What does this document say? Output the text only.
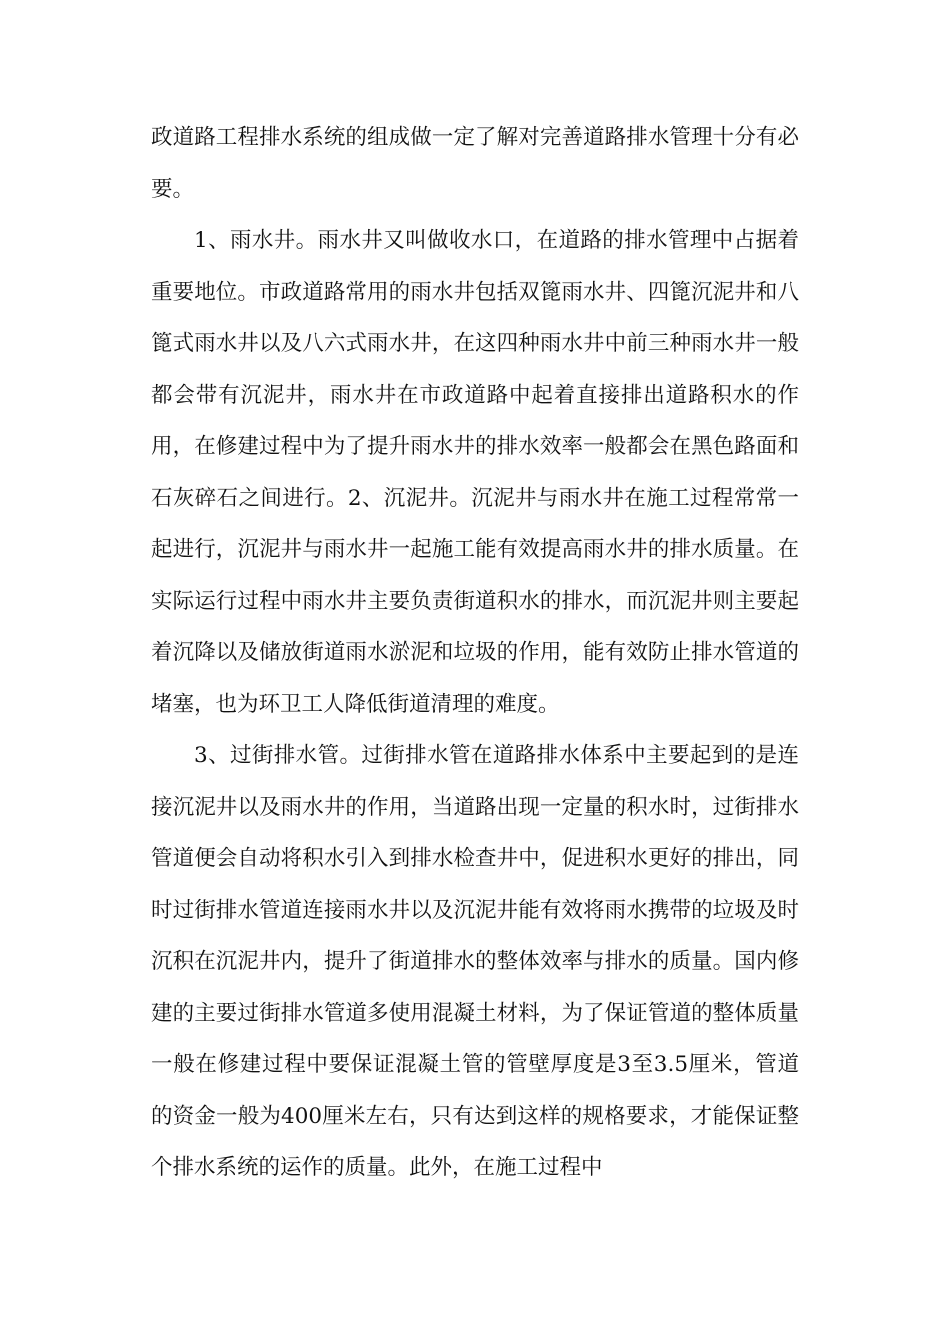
政道路工程排水系统的组成做一定了解对完善道路排水管理十分有必要。

1、雨水井。雨水井又叫做收水口，在道路的排水管理中占据着重要地位。市政道路常用的雨水井包括双篦雨水井、四篦沉泥井和八篦式雨水井以及八六式雨水井，在这四种雨水井中前三种雨水井一般都会带有沉泥井，雨水井在市政道路中起着直接排出道路积水的作用，在修建过程中为了提升雨水井的排水效率一般都会在黑色路面和石灰碎石之间进行。2、沉泥井。沉泥井与雨水井在施工过程常常一起进行，沉泥井与雨水井一起施工能有效提高雨水井的排水质量。在实际运行过程中雨水井主要负责街道积水的排水，而沉泥井则主要起着沉降以及储放街道雨水淤泥和垃圾的作用，能有效防止排水管道的堵塞，也为环卫工人降低街道清理的难度。

3、过街排水管。过街排水管在道路排水体系中主要起到的是连接沉泥井以及雨水井的作用，当道路出现一定量的积水时，过街排水管道便会自动将积水引入到排水检查井中，促进积水更好的排出，同时过街排水管道连接雨水井以及沉泥井能有效将雨水携带的垃圾及时沉积在沉泥井内，提升了街道排水的整体效率与排水的质量。国内修建的主要过街排水管道多使用混凝土材料，为了保证管道的整体质量一般在修建过程中要保证混凝土管的管壁厚度是3至3.5厘米，管道的资金一般为400厘米左右，只有达到这样的规格要求，才能保证整个排水系统的运作的质量。此外，在施工过程中
